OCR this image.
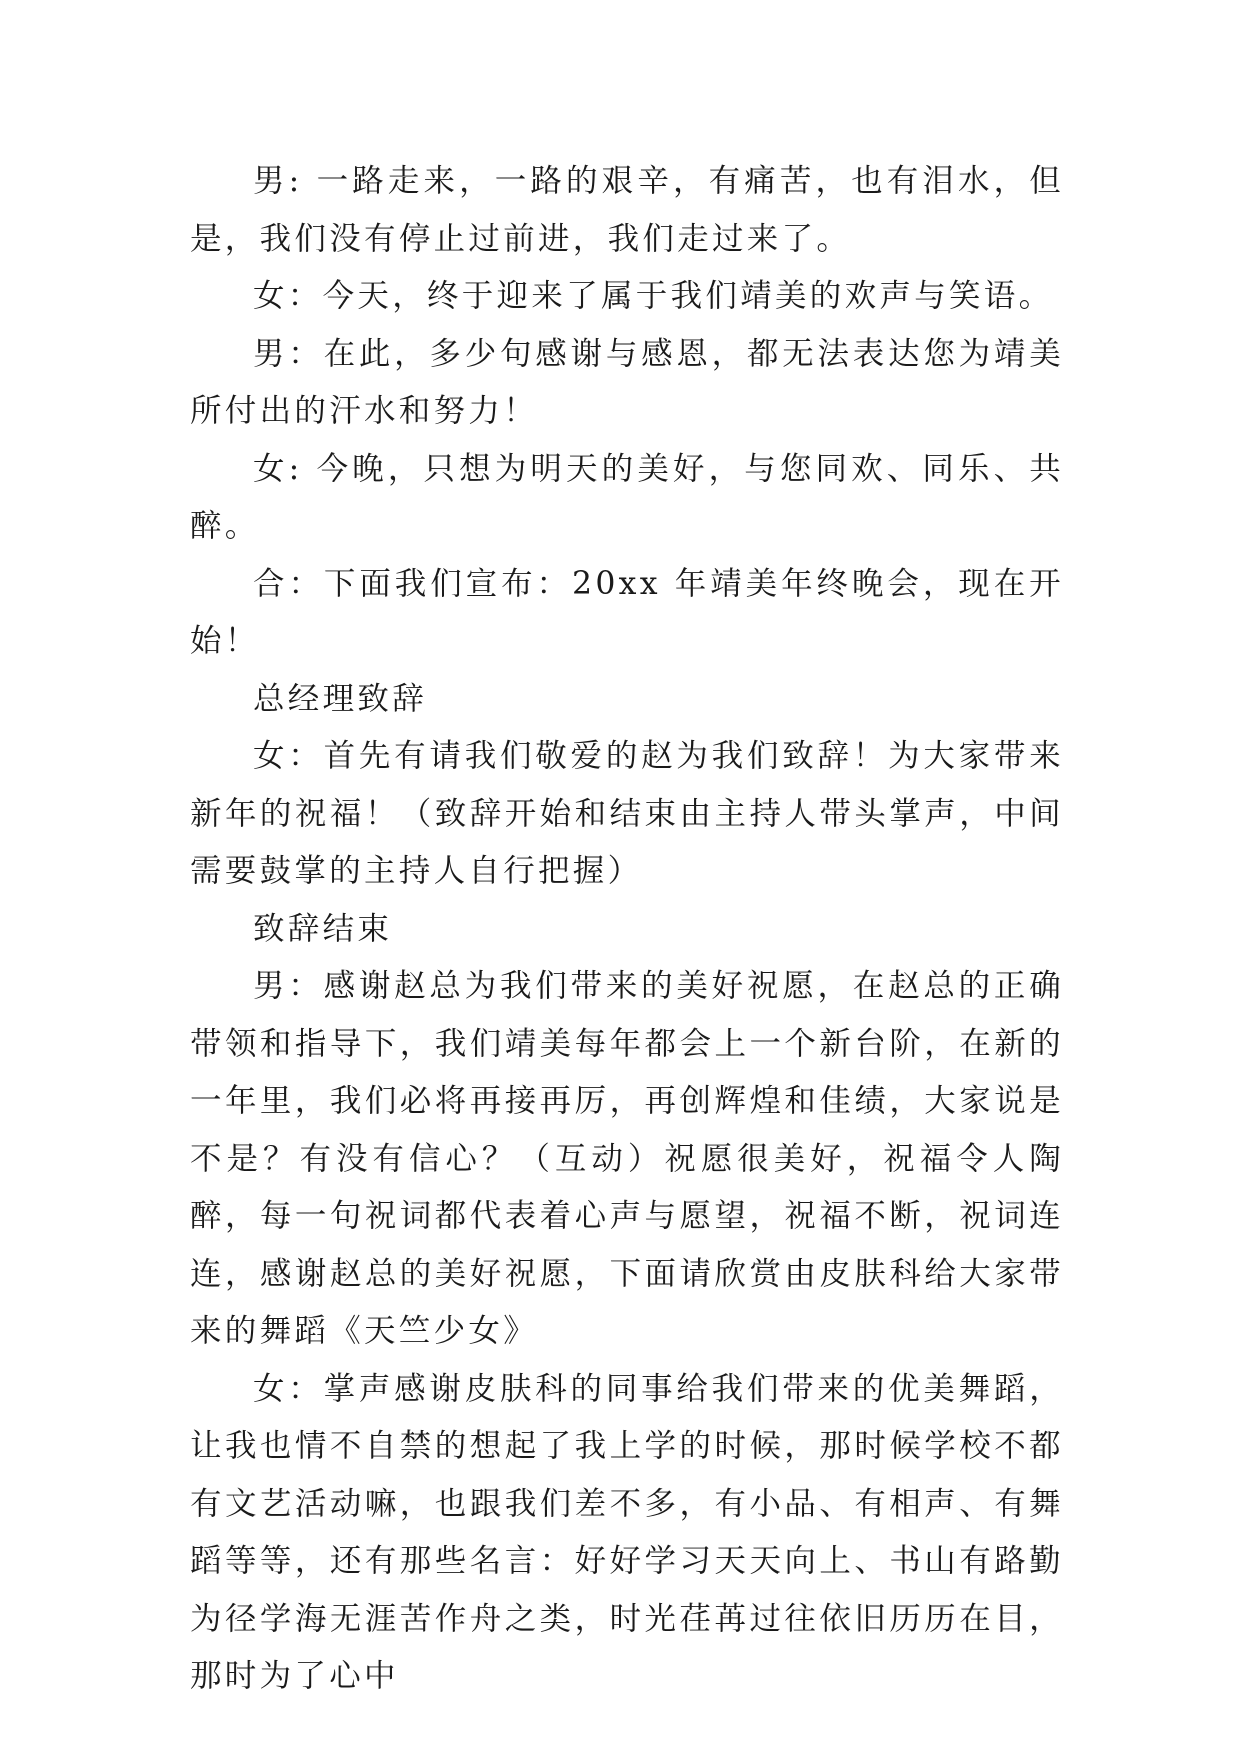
男: 一路走来，一路的艰辛，有痛苦，也有泪水，但是，我们没有停止过前进，我们走过来了。

女：今天，终于迎来了属于我们靖美的欢声与笑语。

男：在此，多少句感谢与感恩，都无法表达您为靖美所付出的汗水和努力！

女: 今晚，只想为明天的美好，与您同欢、同乐、共醉。

合：下面我们宣布：20xx 年靖美年终晚会，现在开始！

总经理致辞

女：首先有请我们敬爱的赵为我们致辞！为大家带来新年的祝福！（致辞开始和结束由主持人带头掌声，中间需要鼓掌的主持人自行把握）

致辞结束

男：感谢赵总为我们带来的美好祝愿，在赵总的正确带领和指导下，我们靖美每年都会上一个新台阶，在新的一年里，我们必将再接再厉，再创辉煌和佳绩，大家说是不是？有没有信心？（互动）祝愿很美好，祝福令人陶醉，每一句祝词都代表着心声与愿望，祝福不断，祝词连连，感谢赵总的美好祝愿，下面请欣赏由皮肤科给大家带来的舞蹈《天竺少女》

女：掌声感谢皮肤科的同事给我们带来的优美舞蹈，让我也情不自禁的想起了我上学的时候，那时候学校不都有文艺活动嘛，也跟我们差不多，有小品、有相声、有舞蹈等等，还有那些名言：好好学习天天向上、书山有路勤为径学海无涯苦作舟之类，时光荏苒过往依旧历历在目，那时为了心中
